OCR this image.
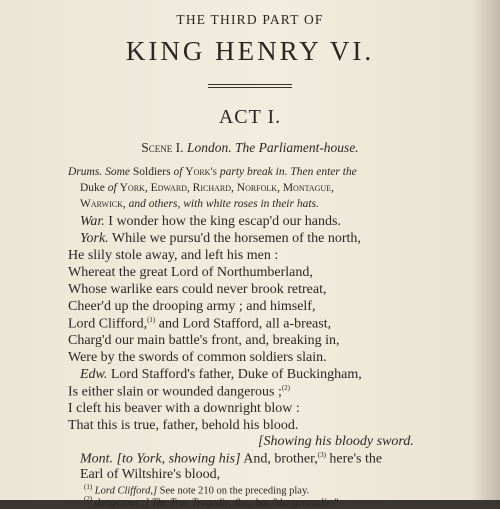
THE THIRD PART OF
KING HENRY VI.
ACT I.
Scene I. London. The Parliament-house.
Drums. Some Soldiers of York's party break in. Then enter the
Duke of York, Edward, Richard, Norfolk, Montague,
Warwick, and others, with white roses in their hats.
War. I wonder how the king escap'd our hands.
York. While we pursu'd the horsemen of the north,
He slily stole away, and left his men :
Whereat the great Lord of Northumberland,
Whose warlike ears could never brook retreat,
Cheer'd up the drooping army ; and himself,
Lord Clifford,$^{(1)}$ and Lord Stafford, all a-breast,
Charg'd our main battle's front, and, breaking in,
Were by the swords of common soldiers slain.
Edw. Lord Stafford's father, Duke of Buckingham,
Is either slain or wounded dangerous ;$^{(2)}$
I cleft his beaver with a downright blow :
That this is true, father, behold his blood.
[Showing his bloody sword.
Mont. [to York, showing his] And, brother,$^{(3)}$ here's the
Earl of Wiltshire's blood,
$^{(1)}$ Lord Clifford,] See note 210 on the preceding play.
$^{(2)}$ dangerous ;] The True Tragedie, &c., has "dangerouslie."
